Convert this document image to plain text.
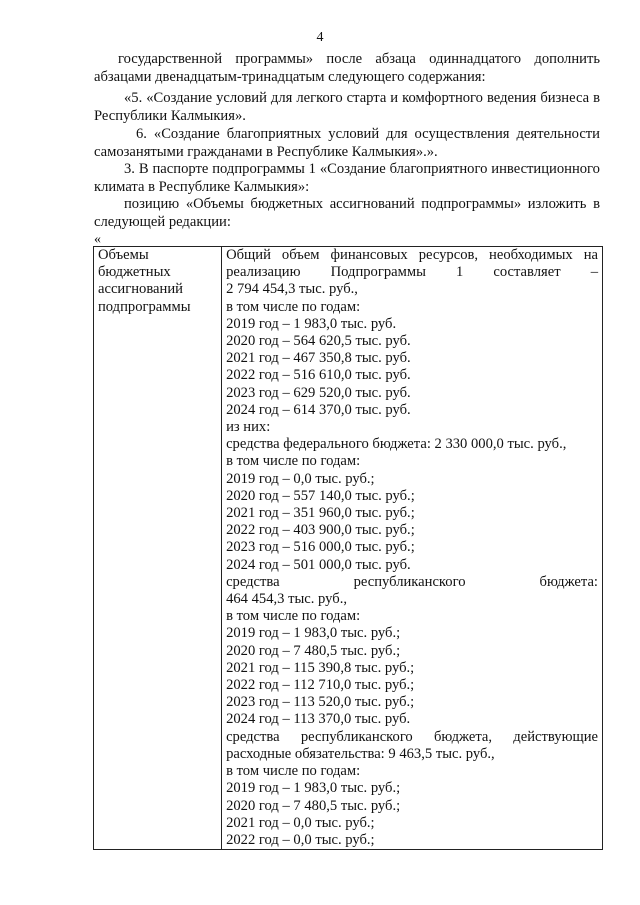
4

государственной программы» после абзаца одиннадцатого дополнить абзацами двенадцатым-тринадцатым следующего содержания:

«5. «Создание условий для легкого старта и комфортного ведения бизнеса в Республики Калмыкия».

6. «Создание благоприятных условий для осуществления деятельности самозанятыми гражданами в Республике Калмыкия».».

3. В паспорте подпрограммы 1 «Создание благоприятного инвестиционного климата в Республике Калмыкия»:

позицию «Объемы бюджетных ассигнований подпрограммы» изложить в следующей редакции:

«
Объемы
бюджетных
ассигнований
подпрограммы

Общий объем финансовых ресурсов, необходимых на
реализацию Подпрограммы 1 составляет –
2 794 454,3 тыс. руб.,
в том числе по годам:
2019 год – 1 983,0 тыс. руб.
2020 год – 564 620,5 тыс. руб.
2021 год – 467 350,8 тыс. руб.
2022 год – 516 610,0 тыс. руб.
2023 год – 629 520,0 тыс. руб.
2024 год – 614 370,0 тыс. руб.
из них:
средства федерального бюджета: 2 330 000,0 тыс. руб.,
в том числе по годам:
2019 год – 0,0 тыс. руб.;
2020 год – 557 140,0 тыс. руб.;
2021 год – 351 960,0 тыс. руб.;
2022 год – 403 900,0 тыс. руб.;
2023 год – 516 000,0 тыс. руб.;
2024 год – 501 000,0 тыс. руб.
средства республиканского бюджета:
464 454,3 тыс. руб.,
в том числе по годам:
2019 год – 1 983,0 тыс. руб.;
2020 год – 7 480,5 тыс. руб.;
2021 год – 115 390,8 тыс. руб.;
2022 год – 112 710,0 тыс. руб.;
2023 год – 113 520,0 тыс. руб.;
2024 год – 113 370,0 тыс. руб.
средства республиканского бюджета, действующие
расходные обязательства: 9 463,5 тыс. руб.,
в том числе по годам:
2019 год – 1 983,0 тыс. руб.;
2020 год – 7 480,5 тыс. руб.;
2021 год – 0,0 тыс. руб.;
2022 год – 0,0 тыс. руб.;
